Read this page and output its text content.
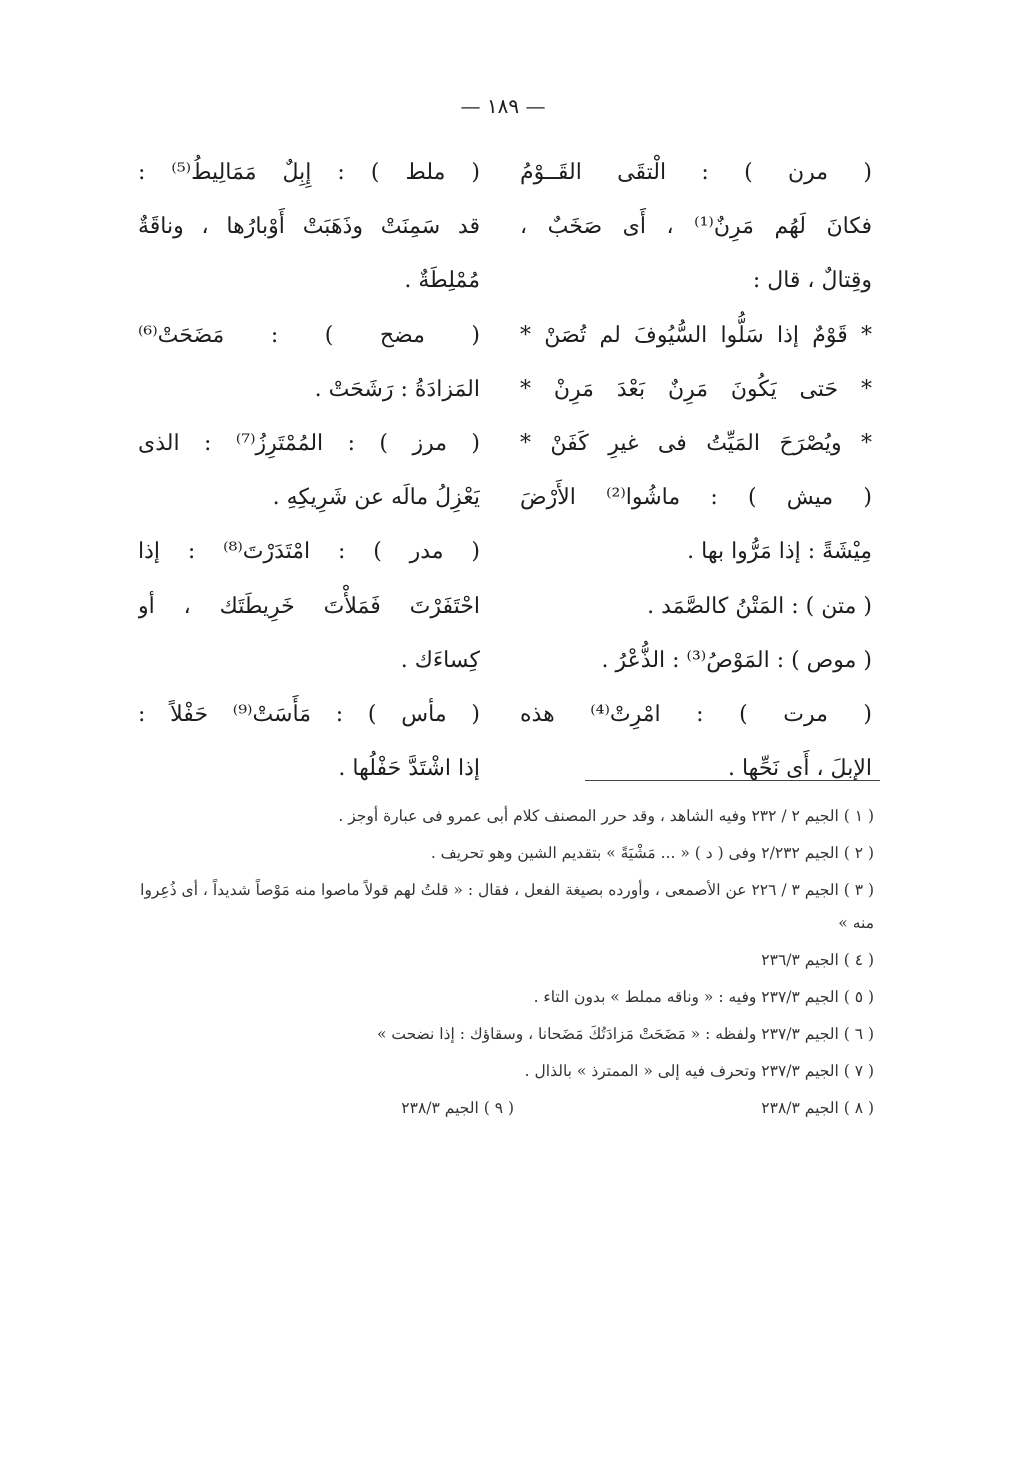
— ١٨٩ —
( مرن ) : الْتقَى القَــوْمُ
فكانَ لَهُم مَرِنٌ⁽¹⁾ ، أَى صَخَبٌ ،
وقِتالٌ ، قال :
* قَوْمٌ إذا سَلُّوا السُّيُوفَ لم تُصَنْ *
* حَتى يَكُونَ مَرِنٌ بَعْدَ مَرِنْ *
* ويُصْرَحَ المَيِّتُ فى غيرِ كَفَنْ *
( ميش ) : ماشُوا⁽²⁾ الأَرْضَ
مِيْشَةً : إذا مَرُّوا بها .
( متن ) : المَتْنُ كالصَّمَد .
( موص ) : المَوْصُ⁽³⁾ : الذُّعْرُ .
( مرت ) : امْرِتْ⁽⁴⁾ هذه
الإبلَ ، أَى نَحِّها .
( ملط ) : إِبِلٌ مَمَالِيطُ⁽⁵⁾ :
قد سَمِنَتْ وذَهَبَتْ أَوْبارُها ، وناقَةٌ
مُمْلِطَةٌ .
( مضح ) : مَضَحَتْ⁽⁶⁾
المَزادَةُ : رَشَحَتْ .
( مرز ) : المُمْتَرِزُ⁽⁷⁾ : الذى
يَعْزِلُ مالَه عن شَرِيكِهِ .
( مدر ) : امْتَدَرْتَ⁽⁸⁾ : إذا
احْتَفَرْتَ فَمَلأْتَ خَرِيطَتَك ، أو
كِساءَك .
( مأس ) : مَأَسَتْ⁽⁹⁾ حَفْلاً :
إذا اشْتَدَّ حَفْلُها .

( ١ ) الجيم ٢ / ٢٣٢ وفيه الشاهد ، وقد حرر المصنف كلام أبى عمرو فى عبارة أوجز .

( ٢ ) الجيم ٢/٢٣٢ وفى ( د ) « ... مَشْيَةً » بتقديم الشين وهو تحريف .

( ٣ ) الجيم ٣ / ٢٢٦ عن الأصمعى ، وأورده بصيغة الفعل ، فقال : « قلتُ لهم قولاً ماصوا منه مَوْصاً شديداً ، أى ذُعِروا منه »

( ٤ ) الجيم ٢٣٦/٣

( ٥ ) الجيم ٢٣٧/٣ وفيه : « وناقه مملط » بدون التاء .

( ٦ ) الجيم ٢٣٧/٣ ولفظه : « مَضَحَتْ مَزادَتُكَ مَضَحانا ، وسقاؤك : إذا نضحت »

( ٧ ) الجيم ٢٣٧/٣ وتحرف فيه إلى « الممترذ » بالذال .

( ٨ ) الجيم ٢٣٨/٣

( ٩ ) الجيم ٢٣٨/٣
